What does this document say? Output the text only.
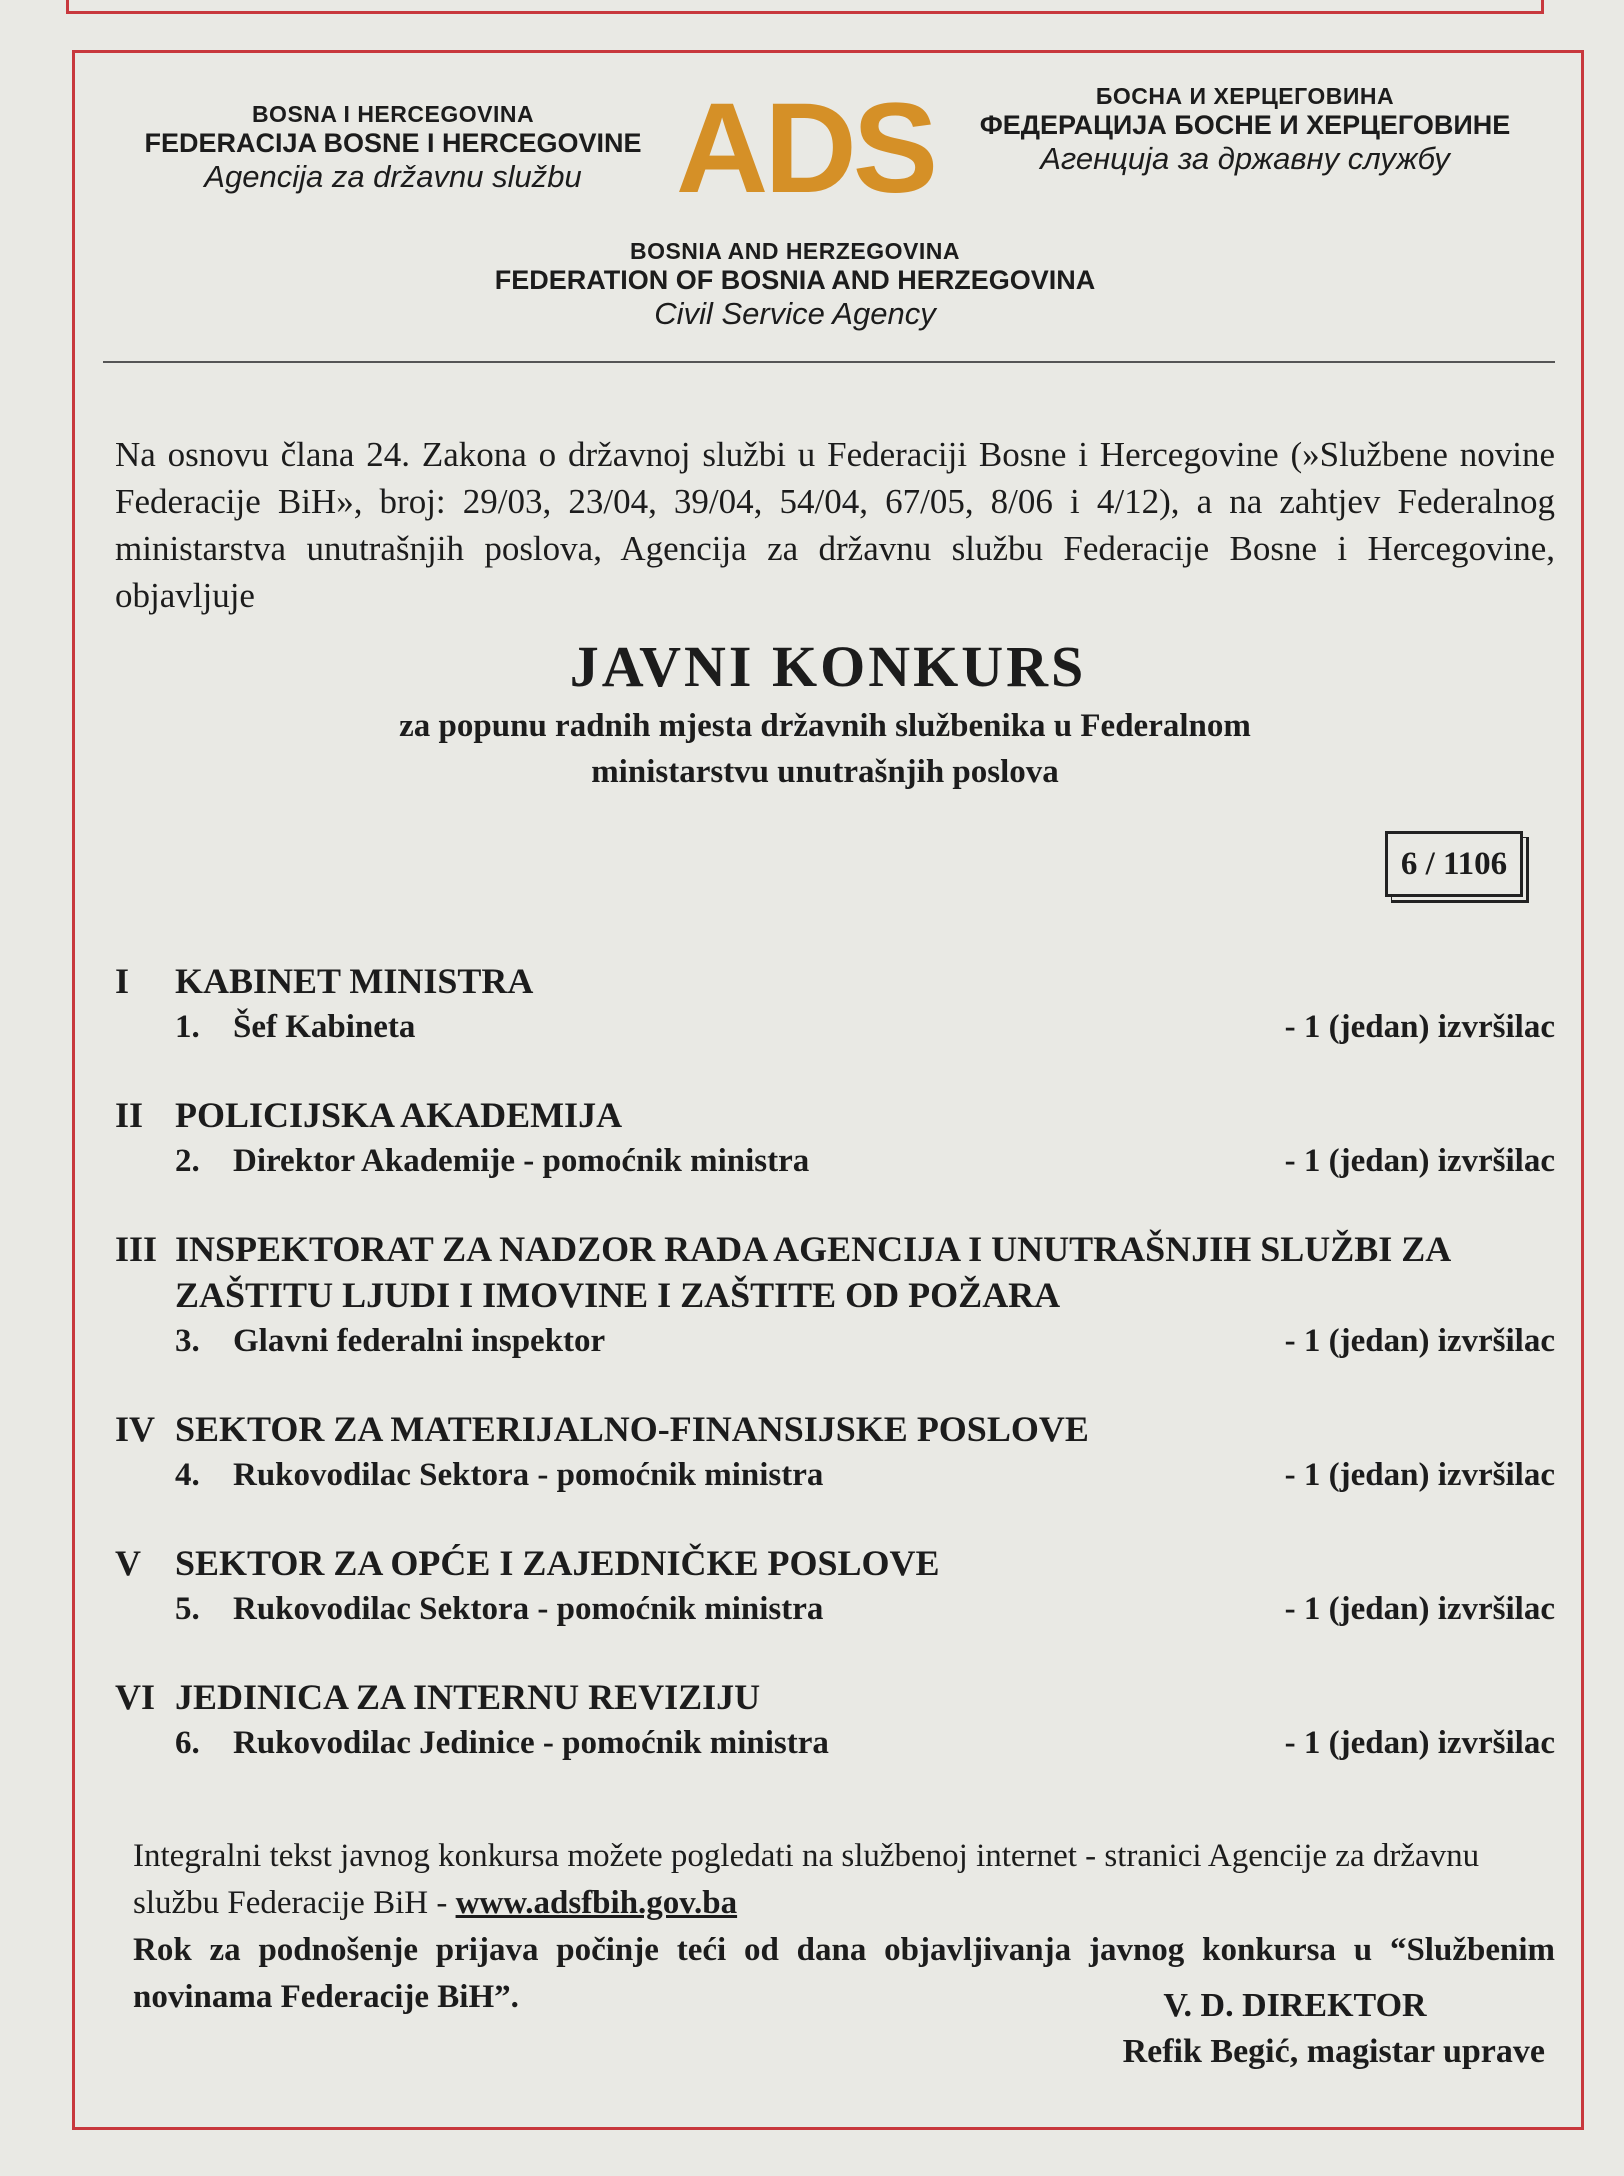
BOSNA I HERCEGOVINA
FEDERACIJA BOSNE I HERCEGOVINE
Agencija za državnu službu ADS	БОСНА И ХЕРЦЕГОВИНА
ФЕДЕРАЦИЈА БОСНЕ И ХЕРЦЕГОВИНЕ
Агенција за државну службу
BOSNIA AND HERZEGOVINA
FEDERATION OF BOSNIA AND HERZEGOVINA
Civil Service Agency
Na osnovu člana 24. Zakona o državnoj službi u Federaciji Bosne i Hercegovine (»Službene novine Federacije BiH», broj: 29/03, 23/04, 39/04, 54/04, 67/05, 8/06 i 4/12), a na zahtjev Federalnog ministarstva unutrašnjih poslova, Agencija za državnu službu Federacije Bosne i Hercegovine, objavljuje
JAVNI KONKURS
za popunu radnih mjesta državnih službenika u Federalnom
ministarstvu unutrašnjih poslova
6 / 1106
I	KABINET MINISTRA
1.	Šef Kabineta	- 1 (jedan) izvršilac
II POLICIJSKA AKADEMIJA
2.	Direktor Akademije - pomoćnik ministra	- 1 (jedan) izvršilac
III INSPEKTORAT ZA NADZOR RADA AGENCIJA I UNUTRAŠNJIH SLUŽBI ZA ZAŠTITU LJUDI I IMOVINE I ZAŠTITE OD POŽARA
3.	Glavni federalni inspektor	- 1 (jedan) izvršilac
IV SEKTOR ZA MATERIJALNO-FINANSIJSKE POSLOVE
4.	Rukovodilac Sektora - pomoćnik ministra	- 1 (jedan) izvršilac
V SEKTOR ZA OPĆE I ZAJEDNIČKE POSLOVE
5.	Rukovodilac Sektora - pomoćnik ministra	- 1 (jedan) izvršilac
VI JEDINICA ZA INTERNU REVIZIJU
6.	Rukovodilac Jedinice - pomoćnik ministra	- 1 (jedan) izvršilac
Integralni tekst javnog konkursa možete pogledati na službenoj internet - stranici Agencije za državnu službu Federacije BiH - www.adsfbih.gov.ba
Rok za podnošenje prijava počinje teći od dana objavljivanja javnog konkursa u “Službenim novinama Federacije BiH”.	V. D. DIREKTOR
Refik Begić, magistar uprave
